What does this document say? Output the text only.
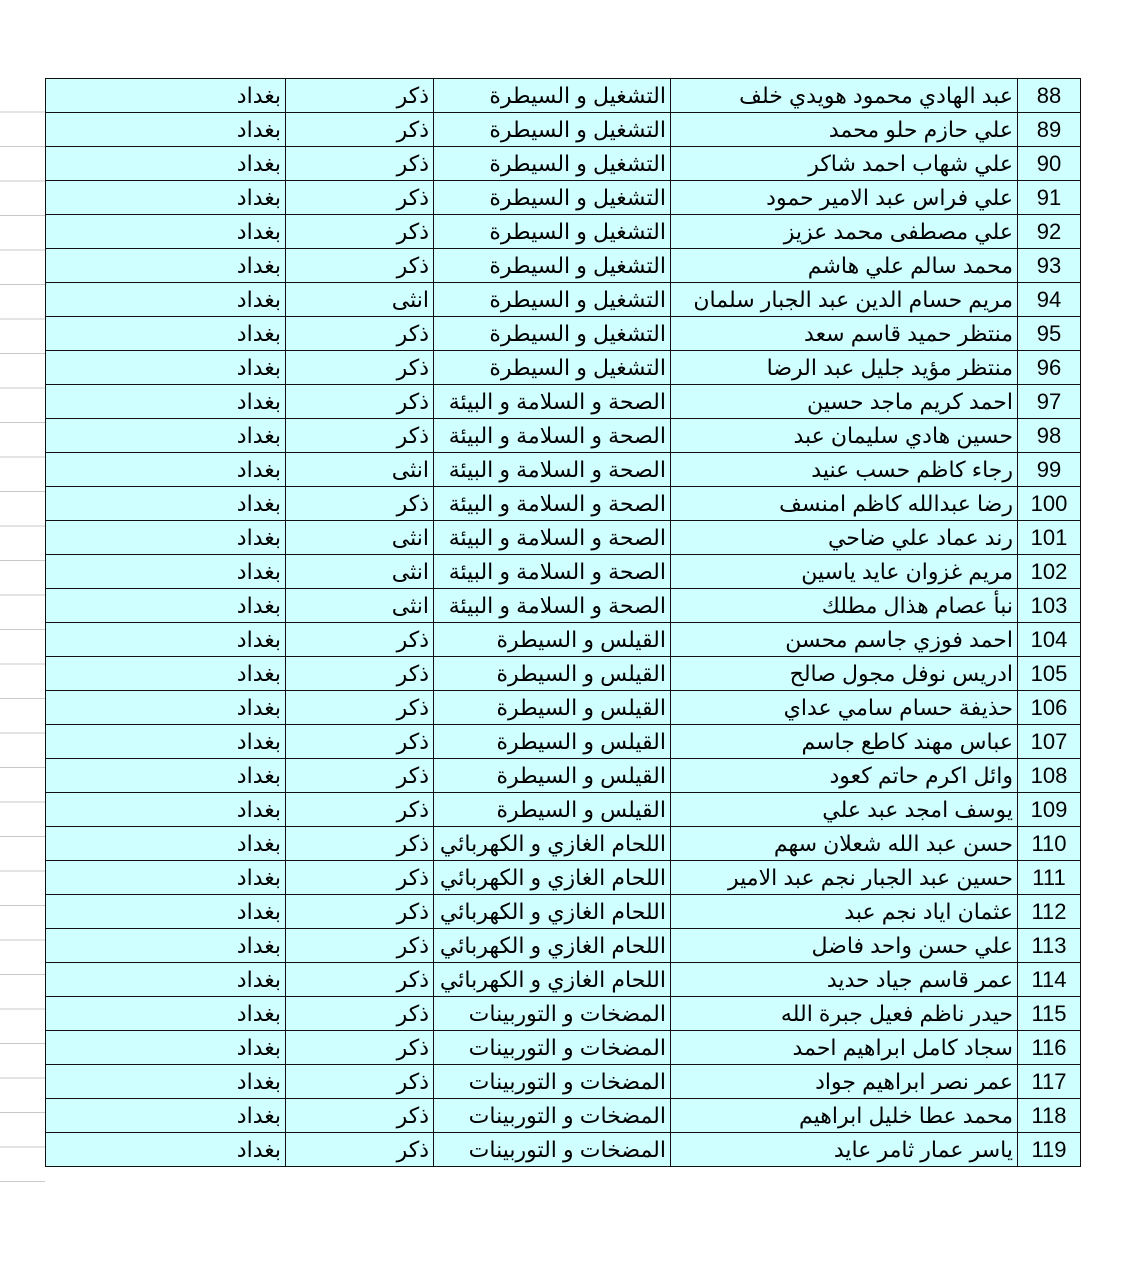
88	عبد الهادي محمود هويدي خلف	التشغيل و السيطرة	ذكر	بغداد
89	علي حازم حلو محمد	التشغيل و السيطرة	ذكر	بغداد
90	علي شهاب احمد شاكر	التشغيل و السيطرة	ذكر	بغداد
91	علي فراس عبد الامير حمود	التشغيل و السيطرة	ذكر	بغداد
92	علي مصطفى محمد عزيز	التشغيل و السيطرة	ذكر	بغداد
93	محمد سالم علي هاشم	التشغيل و السيطرة	ذكر	بغداد
94	مريم حسام الدين عبد الجبار سلمان	التشغيل و السيطرة	انثى	بغداد
95	منتظر حميد قاسم سعد	التشغيل و السيطرة	ذكر	بغداد
96	منتظر مؤيد جليل عبد الرضا	التشغيل و السيطرة	ذكر	بغداد
97	احمد كريم ماجد حسين	الصحة و السلامة و البيئة	ذكر	بغداد
98	حسين هادي سليمان عبد	الصحة و السلامة و البيئة	ذكر	بغداد
99	رجاء كاظم حسب عنيد	الصحة و السلامة و البيئة	انثى	بغداد
100	رضا عبدالله كاظم امنسف	الصحة و السلامة و البيئة	ذكر	بغداد
101	رند عماد علي ضاحي	الصحة و السلامة و البيئة	انثى	بغداد
102	مريم غزوان عايد ياسين	الصحة و السلامة و البيئة	انثى	بغداد
103	نبأ عصام هذال مطلك	الصحة و السلامة و البيئة	انثى	بغداد
104	احمد فوزي جاسم محسن	القيلس و السيطرة	ذكر	بغداد
105	ادريس نوفل مجول صالح	القيلس و السيطرة	ذكر	بغداد
106	حذيفة حسام سامي عداي	القيلس و السيطرة	ذكر	بغداد
107	عباس مهند كاطع جاسم	القيلس و السيطرة	ذكر	بغداد
108	وائل اكرم حاتم كعود	القيلس و السيطرة	ذكر	بغداد
109	يوسف امجد عبد علي	القيلس و السيطرة	ذكر	بغداد
110	حسن عبد الله شعلان سهم	اللحام الغازي و الكهربائي	ذكر	بغداد
111	حسين عبد الجبار نجم عبد الامير	اللحام الغازي و الكهربائي	ذكر	بغداد
112	عثمان اياد نجم عبد	اللحام الغازي و الكهربائي	ذكر	بغداد
113	علي حسن واحد فاضل	اللحام الغازي و الكهربائي	ذكر	بغداد
114	عمر قاسم جياد حديد	اللحام الغازي و الكهربائي	ذكر	بغداد
115	حيدر ناظم فعيل جبرة الله	المضخات و التوربينات	ذكر	بغداد
116	سجاد كامل ابراهيم احمد	المضخات و التوربينات	ذكر	بغداد
117	عمر نصر ابراهيم جواد	المضخات و التوربينات	ذكر	بغداد
118	محمد عطا خليل ابراهيم	المضخات و التوربينات	ذكر	بغداد
119	ياسر عمار ثامر عايد	المضخات و التوربينات	ذكر	بغداد
